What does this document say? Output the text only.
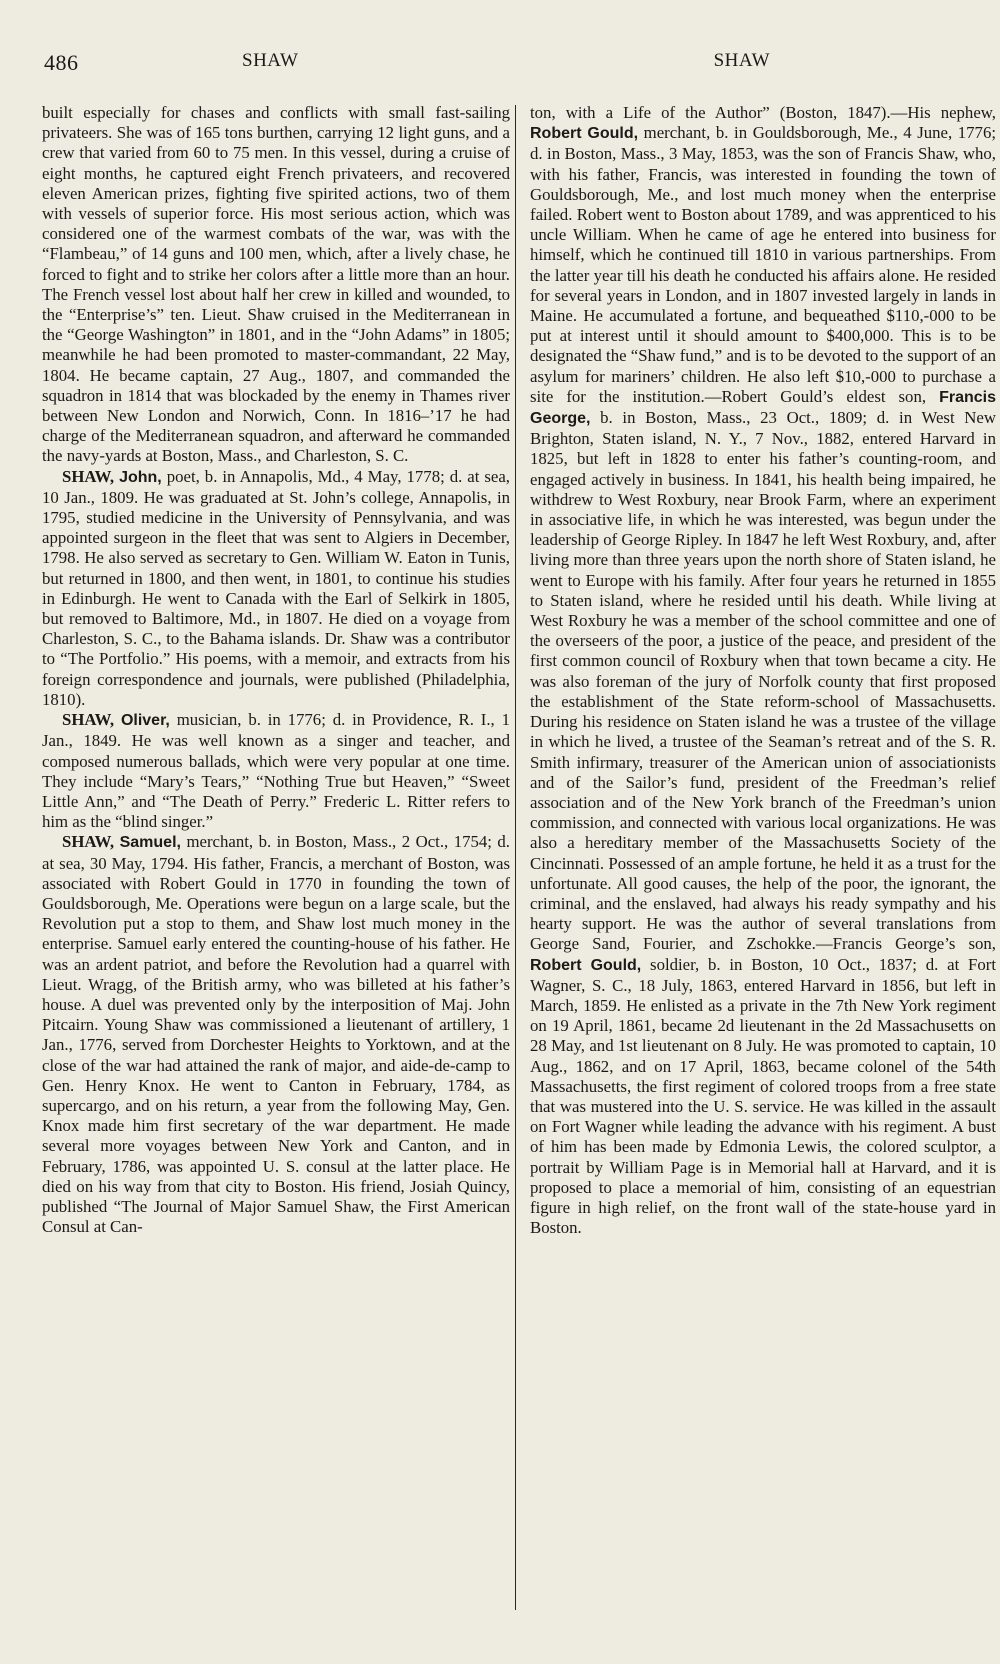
486	SHAW	SHAW

built especially for chases and conflicts with small fast-sailing privateers. She was of 165 tons burthen, carrying 12 light guns, and a crew that varied from 60 to 75 men. In this vessel, during a cruise of eight months, he captured eight French privateers, and recovered eleven American prizes, fighting five spirited actions, two of them with vessels of superior force. His most serious action, which was considered one of the warmest combats of the war, was with the “Flambeau,” of 14 guns and 100 men, which, after a lively chase, he forced to fight and to strike her colors after a little more than an hour. The French vessel lost about half her crew in killed and wounded, to the “Enterprise’s” ten. Lieut. Shaw cruised in the Mediterranean in the “George Washington” in 1801, and in the “John Adams” in 1805; meanwhile he had been promoted to master-commandant, 22 May, 1804. He became captain, 27 Aug., 1807, and commanded the squadron in 1814 that was blockaded by the enemy in Thames river between New London and Norwich, Conn. In 1816–’17 he had charge of the Mediterranean squadron, and afterward he commanded the navy-yards at Boston, Mass., and Charleston, S. C.

SHAW, John, poet, b. in Annapolis, Md., 4 May, 1778; d. at sea, 10 Jan., 1809. He was graduated at St. John’s college, Annapolis, in 1795, studied medicine in the University of Pennsylvania, and was appointed surgeon in the fleet that was sent to Algiers in December, 1798. He also served as secretary to Gen. William W. Eaton in Tunis, but returned in 1800, and then went, in 1801, to continue his studies in Edinburgh. He went to Canada with the Earl of Selkirk in 1805, but removed to Baltimore, Md., in 1807. He died on a voyage from Charleston, S. C., to the Bahama islands. Dr. Shaw was a contributor to “The Portfolio.” His poems, with a memoir, and extracts from his foreign correspondence and journals, were published (Philadelphia, 1810).

SHAW, Oliver, musician, b. in 1776; d. in Providence, R. I., 1 Jan., 1849. He was well known as a singer and teacher, and composed numerous ballads, which were very popular at one time. They include “Mary’s Tears,” “Nothing True but Heaven,” “Sweet Little Ann,” and “The Death of Perry.” Frederic L. Ritter refers to him as the “blind singer.”

SHAW, Samuel, merchant, b. in Boston, Mass., 2 Oct., 1754; d. at sea, 30 May, 1794. His father, Francis, a merchant of Boston, was associated with Robert Gould in 1770 in founding the town of Gouldsborough, Me. Operations were begun on a large scale, but the Revolution put a stop to them, and Shaw lost much money in the enterprise. Samuel early entered the counting-house of his father. He was an ardent patriot, and before the Revolution had a quarrel with Lieut. Wragg, of the British army, who was billeted at his father’s house. A duel was prevented only by the interposition of Maj. John Pitcairn. Young Shaw was commissioned a lieutenant of artillery, 1 Jan., 1776, served from Dorchester Heights to Yorktown, and at the close of the war had attained the rank of major, and aide-de-camp to Gen. Henry Knox. He went to Canton in February, 1784, as supercargo, and on his return, a year from the following May, Gen. Knox made him first secretary of the war department. He made several more voyages between New York and Canton, and in February, 1786, was appointed U. S. consul at the latter place. He died on his way from that city to Boston. His friend, Josiah Quincy, published “The Journal of Major Samuel Shaw, the First American Consul at Can-

ton, with a Life of the Author” (Boston, 1847).—His nephew, Robert Gould, merchant, b. in Gouldsborough, Me., 4 June, 1776; d. in Boston, Mass., 3 May, 1853, was the son of Francis Shaw, who, with his father, Francis, was interested in founding the town of Gouldsborough, Me., and lost much money when the enterprise failed. Robert went to Boston about 1789, and was apprenticed to his uncle William. When he came of age he entered into business for himself, which he continued till 1810 in various partnerships. From the latter year till his death he conducted his affairs alone. He resided for several years in London, and in 1807 invested largely in lands in Maine. He accumulated a fortune, and bequeathed $110,-000 to be put at interest until it should amount to $400,000. This is to be designated the “Shaw fund,” and is to be devoted to the support of an asylum for mariners’ children. He also left $10,-000 to purchase a site for the institution.—Robert Gould’s eldest son, Francis George, b. in Boston, Mass., 23 Oct., 1809; d. in West New Brighton, Staten island, N. Y., 7 Nov., 1882, entered Harvard in 1825, but left in 1828 to enter his father’s counting-room, and engaged actively in business. In 1841, his health being impaired, he withdrew to West Roxbury, near Brook Farm, where an experiment in associative life, in which he was interested, was begun under the leadership of George Ripley. In 1847 he left West Roxbury, and, after living more than three years upon the north shore of Staten island, he went to Europe with his family. After four years he returned in 1855 to Staten island, where he resided until his death. While living at West Roxbury he was a member of the school committee and one of the overseers of the poor, a justice of the peace, and president of the first common council of Roxbury when that town became a city. He was also foreman of the jury of Norfolk county that first proposed the establishment of the State reform-school of Massachusetts. During his residence on Staten island he was a trustee of the village in which he lived, a trustee of the Seaman’s retreat and of the S. R. Smith infirmary, treasurer of the American union of associationists and of the Sailor’s fund, president of the Freedman’s relief association and of the New York branch of the Freedman’s union commission, and connected with various local organizations. He was also a hereditary member of the Massachusetts Society of the Cincinnati. Possessed of an ample fortune, he held it as a trust for the unfortunate. All good causes, the help of the poor, the ignorant, the criminal, and the enslaved, had always his ready sympathy and his hearty support. He was the author of several translations from George Sand, Fourier, and Zschokke.—Francis George’s son, Robert Gould, soldier, b. in Boston, 10 Oct., 1837; d. at Fort Wagner, S. C., 18 July, 1863, entered Harvard in 1856, but left in March, 1859. He enlisted as a private in the 7th New York regiment on 19 April, 1861, became 2d lieutenant in the 2d Massachusetts on 28 May, and 1st lieutenant on 8 July. He was promoted to captain, 10 Aug., 1862, and on 17 April, 1863, became colonel of the 54th Massachusetts, the first regiment of colored troops from a free state that was mustered into the U. S. service. He was killed in the assault on Fort Wagner while leading the advance with his regiment. A bust of him has been made by Edmonia Lewis, the colored sculptor, a portrait by William Page is in Memorial hall at Harvard, and it is proposed to place a memorial of him, consisting of an equestrian figure in high relief, on the front wall of the state-house yard in Boston.
